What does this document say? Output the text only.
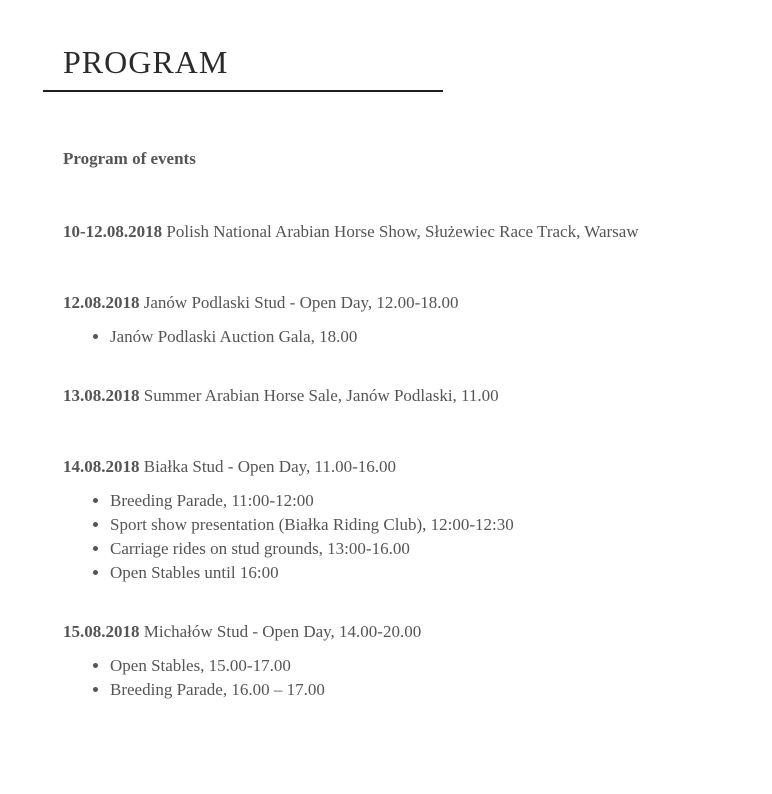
PROGRAM

Program of events

10-12.08.2018 Polish National Arabian Horse Show, Służewiec Race Track, Warsaw

12.08.2018 Janów Podlaski Stud - Open Day, 12.00-18.00

• Janów Podlaski Auction Gala, 18.00

13.08.2018 Summer Arabian Horse Sale, Janów Podlaski, 11.00

14.08.2018 Białka Stud - Open Day, 11.00-16.00

• Breeding Parade, 11:00-12:00
• Sport show presentation (Białka Riding Club), 12:00-12:30
• Carriage rides on stud grounds, 13:00-16.00
• Open Stables until 16:00

15.08.2018 Michałów Stud - Open Day, 14.00-20.00

• Open Stables, 15.00-17.00
• Breeding Parade, 16.00 – 17.00
